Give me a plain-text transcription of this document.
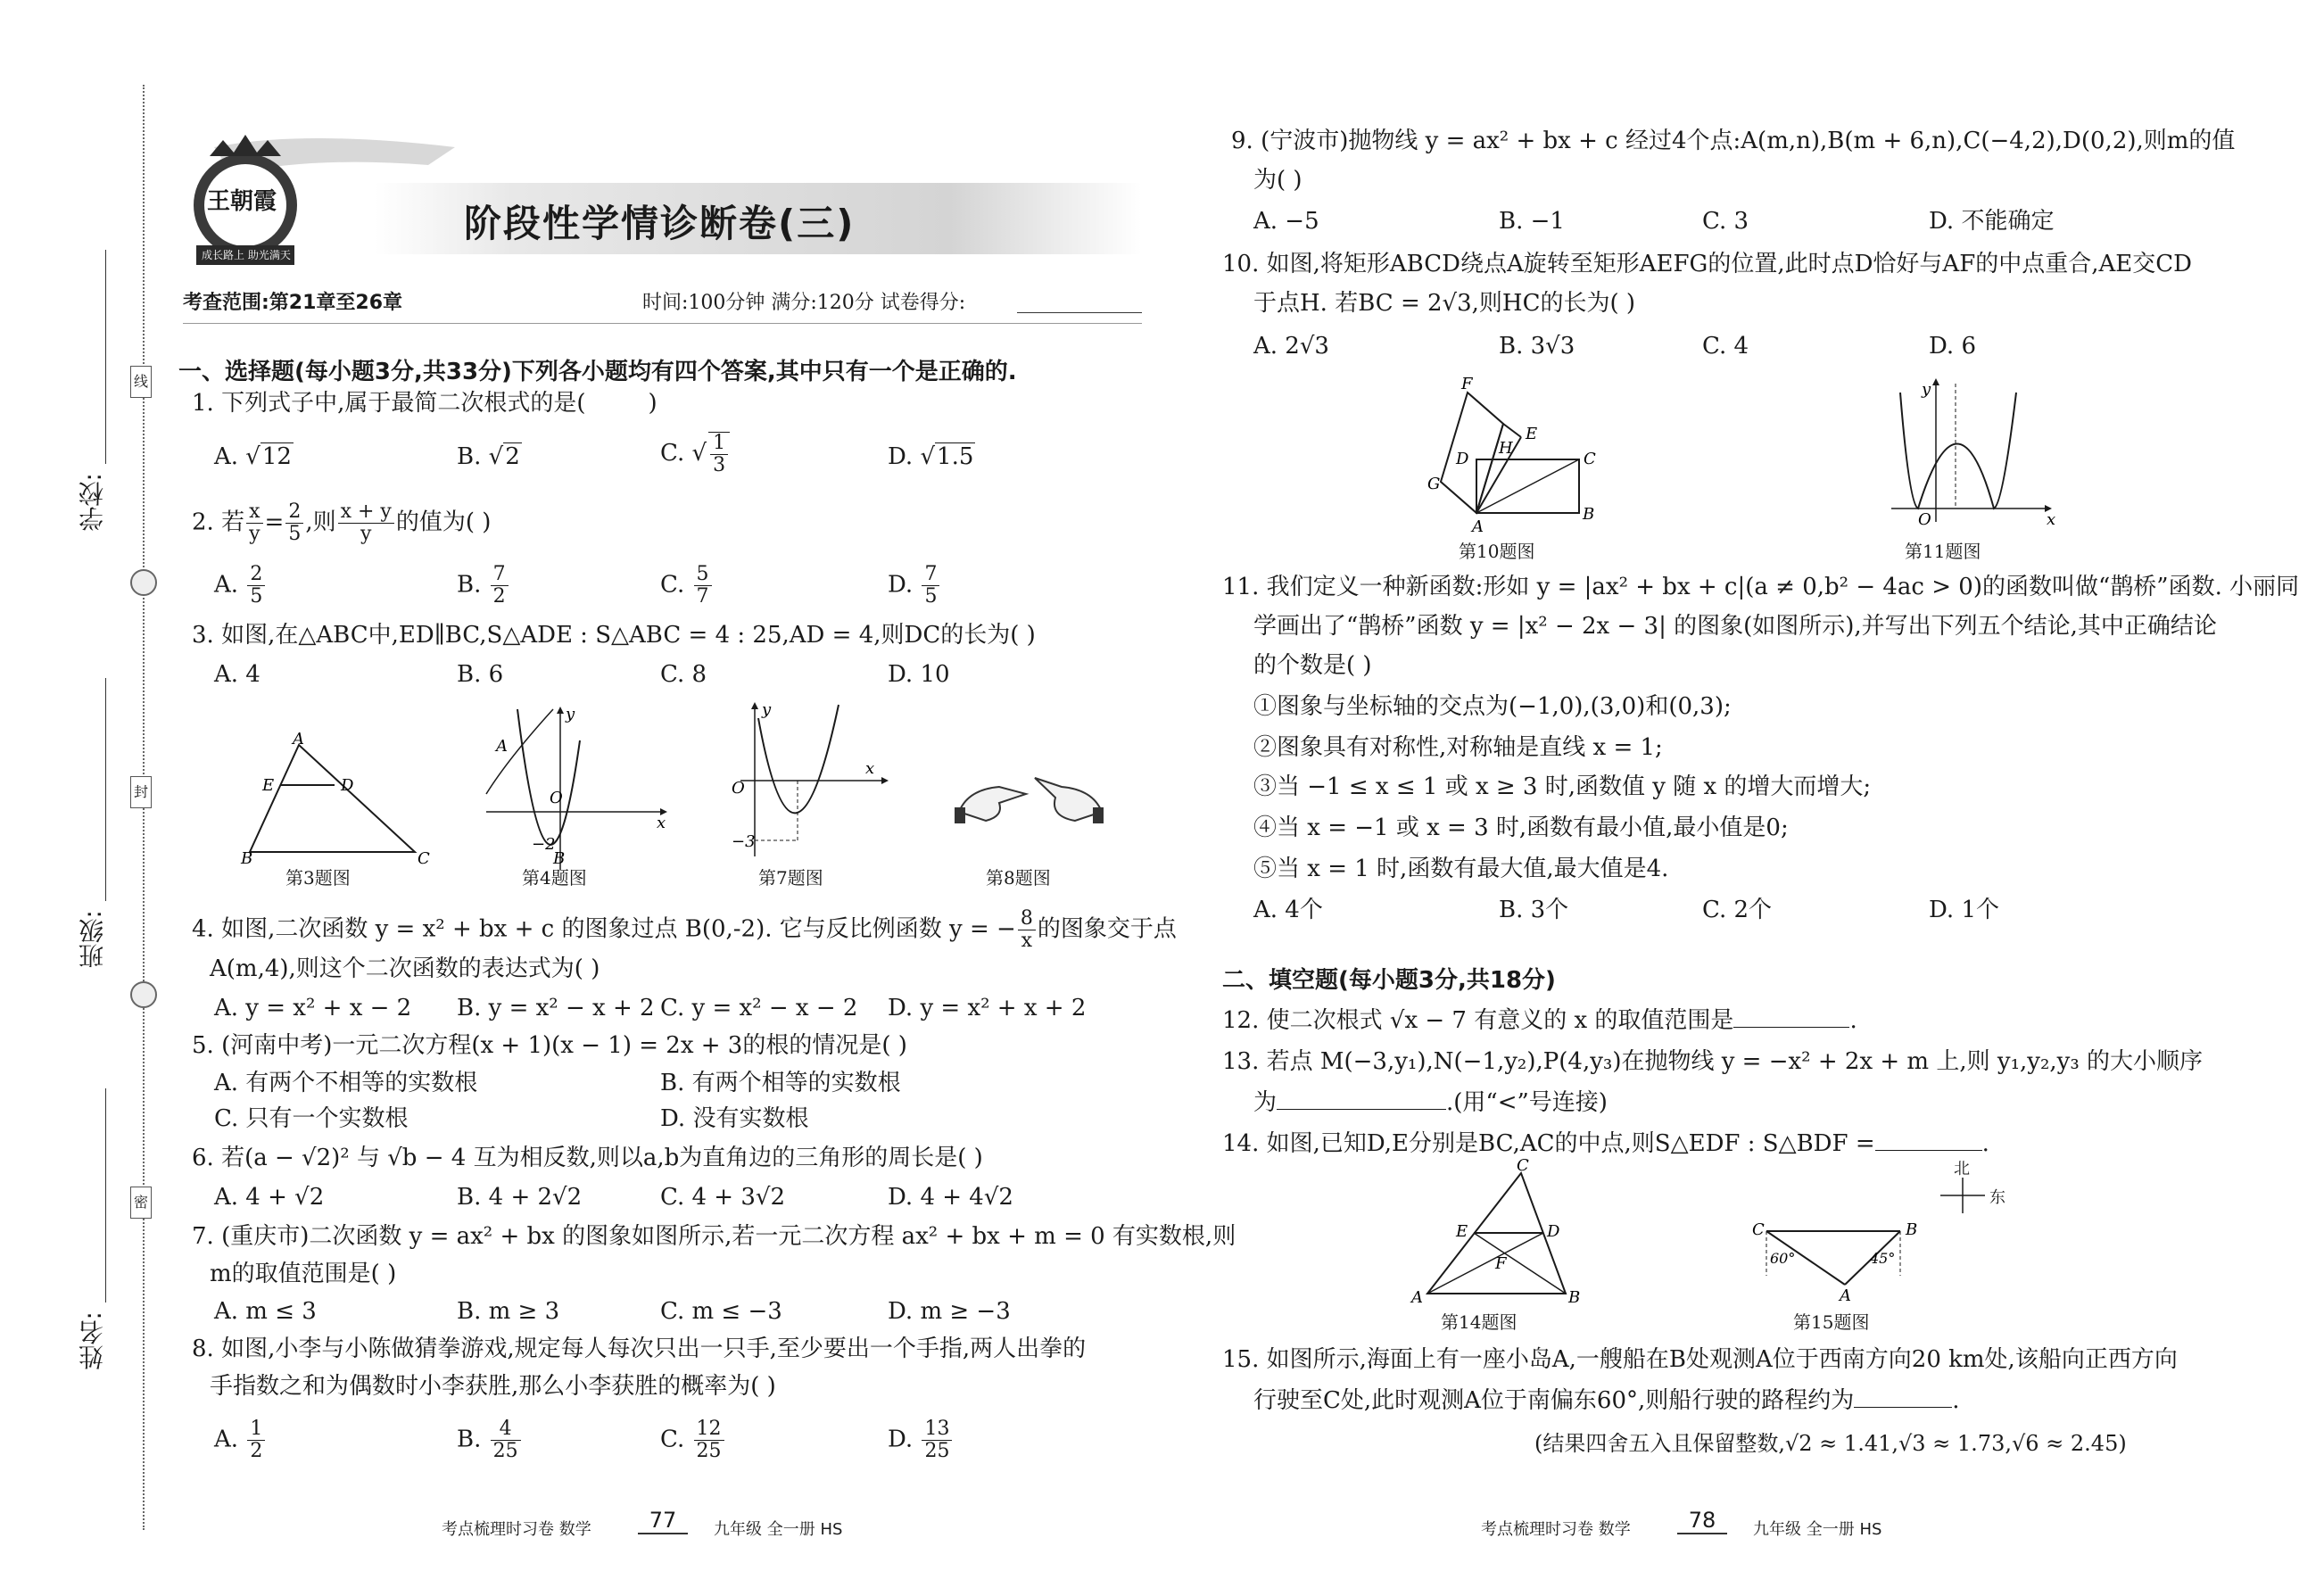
学校:
班级:
姓名:
线
封
密
王朝霞
成长路上 助光满天
阶段性学情诊断卷(三)
考查范围:第21章至26章	时间:100分钟 满分:120分 试卷得分:
一、选择题(每小题3分,共33分)下列各小题均有四个答案,其中只有一个是正确的.
1. 下列式子中,属于最简二次根式的是(	)
A. √12	B. √2	C. √ $\frac{1}{3}$	D. √1.5
2. 若 $\frac{x}{y} = \frac{2}{5}$ ,则 $\frac{x + y}{y}$ 的值为( )
A. $\frac{2}{5}$	B. $\frac{7}{2}$	C. $\frac{5}{7}$	D. $\frac{7}{5}$
3. 如图,在△ABC中,ED∥BC,S△ADE : S△ABC = 4 : 25,AD = 4,则DC的长为( )
A. 4	B. 6	C. 8	D. 10
A
E	D
B	C
第3题图
A
y
O
x
−2
B
第4题图
O
y
x
−3
第7题图	第8题图
4. 如图,二次函数 y = x² + bx + c 的图象过点 B(0,-2). 它与反比例函数 y = − $\frac{8}{x}$ 的图象交于点
A(m,4),则这个二次函数的表达式为( )
A. y = x² + x − 2 B. y = x² − x + 2 C. y = x² − x − 2 D. y = x² + x + 2
5. (河南中考)一元二次方程(x + 1)(x − 1) = 2x + 3的根的情况是( )
A. 有两个不相等的实数根	B. 有两个相等的实数根
C. 只有一个实数根	D. 没有实数根
6. 若(a − √2)² 与 √b − 4 互为相反数,则以a,b为直角边的三角形的周长是( )
A. 4 + √2	B. 4 + 2√2	C. 4 + 3√2	D. 4 + 4√2
7. (重庆市)二次函数 y = ax² + bx 的图象如图所示,若一元二次方程 ax² + bx + m = 0 有实数根,则
m的取值范围是( )
A. m ≤ 3	B. m ≥ 3	C. m ≤ −3	D. m ≥ −3
8. 如图,小李与小陈做猜拳游戏,规定每人每次只出一只手,至少要出一个手指,两人出拳的
手指数之和为偶数时小李获胜,那么小李获胜的概率为( )
A. $\frac{1}{2}$	B. $\frac{4}{25}$	C. $\frac{12}{25}$	D. $\frac{13}{25}$
考点梳理时习卷 数学	77	九年级 全一册 HS
9. (宁波市)抛物线 y = ax² + bx + c 经过4个点:A(m,n),B(m + 6,n),C(−4,2),D(0,2),则m的值
为( )
A. −5	B. −1	C. 3	D. 不能确定
10. 如图,将矩形ABCD绕点A旋转至矩形AEFG的位置,此时点D恰好与AF的中点重合,AE交CD
于点H. 若BC = 2√3,则HC的长为( )
A. 2√3	B. 3√3	C. 4	D. 6
F
E
H
D	C
G
A
B
第10题图
y
O	x
第11题图
11. 我们定义一种新函数:形如 y = |ax² + bx + c|(a ≠ 0,b² − 4ac > 0)的函数叫做“鹊桥”函数. 小丽同
学画出了“鹊桥”函数 y = |x² − 2x − 3| 的图象(如图所示),并写出下列五个结论,其中正确结论
的个数是( )
①图象与坐标轴的交点为(−1,0),(3,0)和(0,3);
②图象具有对称性,对称轴是直线 x = 1;
③当 −1 ≤ x ≤ 1 或 x ≥ 3 时,函数值 y 随 x 的增大而增大;
④当 x = −1 或 x = 3 时,函数有最小值,最小值是0;
⑤当 x = 1 时,函数有最大值,最大值是4.
A. 4个	B. 3个	C. 2个	D. 1个
二、填空题(每小题3分,共18分)
12. 使二次根式 √x − 7 有意义的 x 的取值范围是	.
13. 若点 M(−3,y₁),N(−1,y₂),P(4,y₃)在抛物线 y = −x² + 2x + m 上,则 y₁,y₂,y₃ 的大小顺序
为	.(用“<”号连接)
14. 如图,已知D,E分别是BC,AC的中点,则S△EDF : S△BDF =	.
C
E	D
F
A	B
第14题图
C	B
A
60°	45°
北
东
第15题图
15. 如图所示,海面上有一座小岛A,一艘船在B处观测A位于西南方向20 km处,该船向正西方向
行驶至C处,此时观测A位于南偏东60°,则船行驶的路程约为	.
(结果四舍五入且保留整数,√2 ≈ 1.41,√3 ≈ 1.73,√6 ≈ 2.45)
考点梳理时习卷 数学	78	九年级 全一册 HS
